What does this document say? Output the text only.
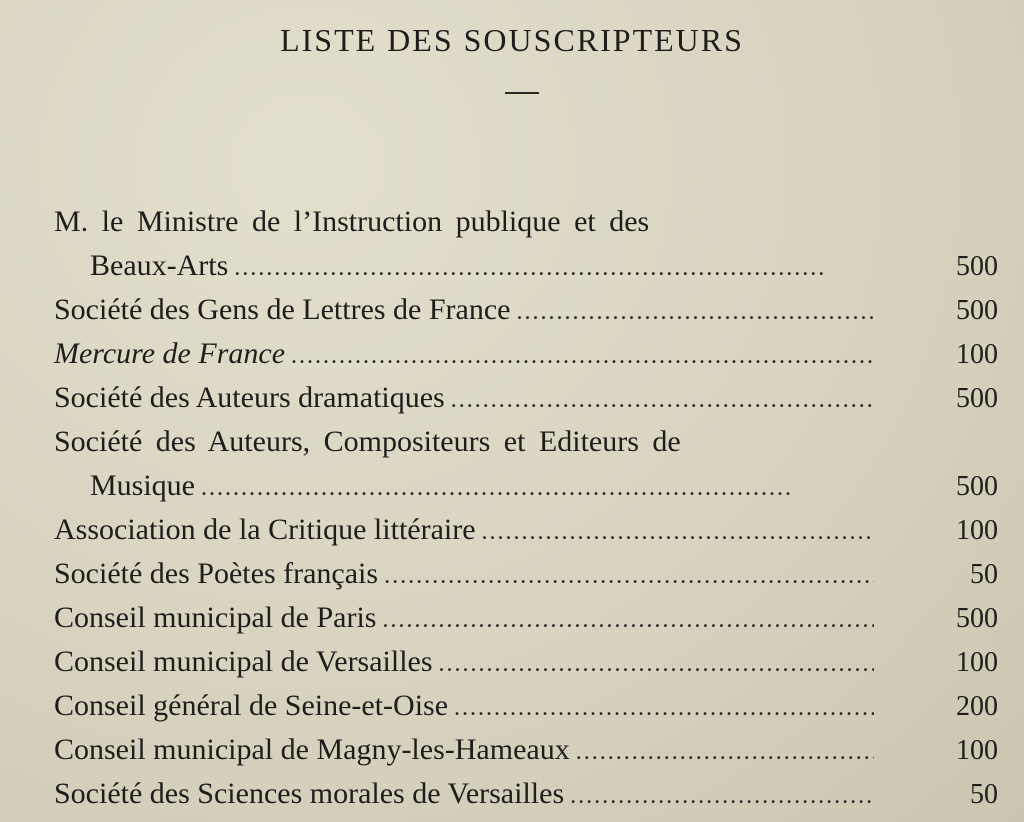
LISTE DES SOUSCRIPTEURS
M. le Ministre de l’Instruction publique et des
Beaux-Arts . . .	500
Société des Gens de Lettres de France . . .	500
Mercure de France . . .	100
Société des Auteurs dramatiques . . .	500
Société des Auteurs, Compositeurs et Editeurs de
Musique . . .	500
Association de la Critique littéraire . . .	100
Société des Poètes français . . .	50
Conseil municipal de Paris . . .	500
Conseil municipal de Versailles . . .	100
Conseil général de Seine-et-Oise . . .	200
Conseil municipal de Magny-les-Hameaux . . .	100
Société des Sciences morales de Versailles . . .	50
